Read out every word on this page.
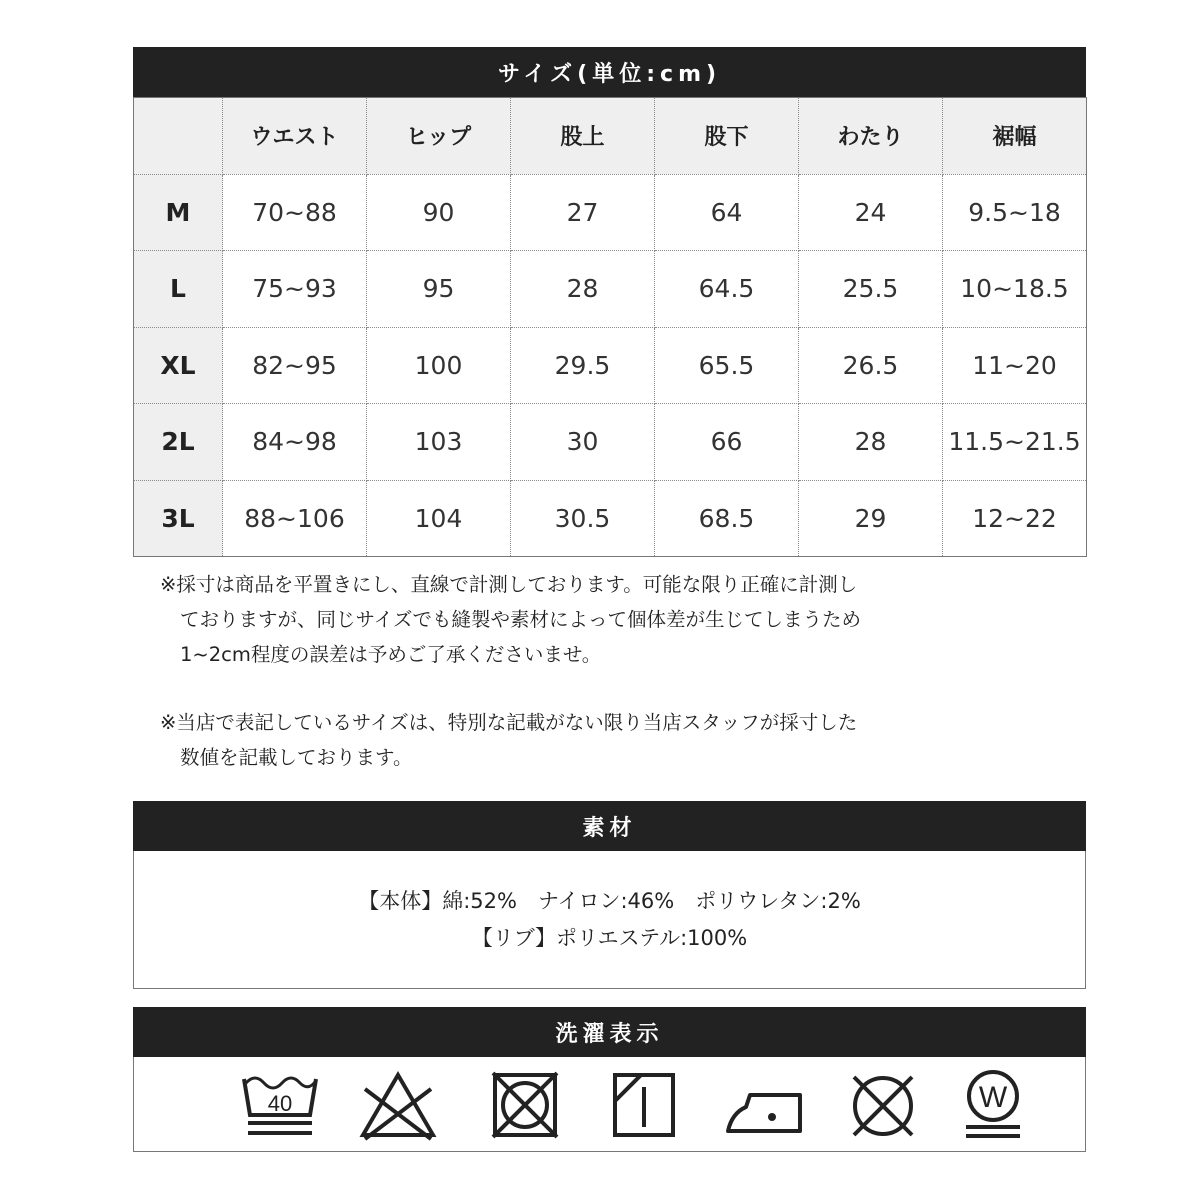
サイズ(単位:cm)
	ウエスト	ヒップ	股上	股下	わたり	裾幅
M	70~88	90	27	64	24	9.5~18
L	75~93	95	28	64.5	25.5	10~18.5
XL	82~95	100	29.5	65.5	26.5	11~20
2L	84~98	103	30	66	28	11.5~21.5
3L	88~106	104	30.5	68.5	29	12~22

※採寸は商品を平置きにし、直線で計測しております。可能な限り正確に計測し

ておりますが、同じサイズでも縫製や素材によって個体差が生じてしまうため

1~2cm程度の誤差は予めご了承くださいませ。

※当店で表記しているサイズは、特別な記載がない限り当店スタッフが採寸した

数値を記載しております。

素材

【本体】綿:52%　ナイロン:46%　ポリウレタン:2%

【リブ】ポリエステル:100%

洗濯表示
40	W
